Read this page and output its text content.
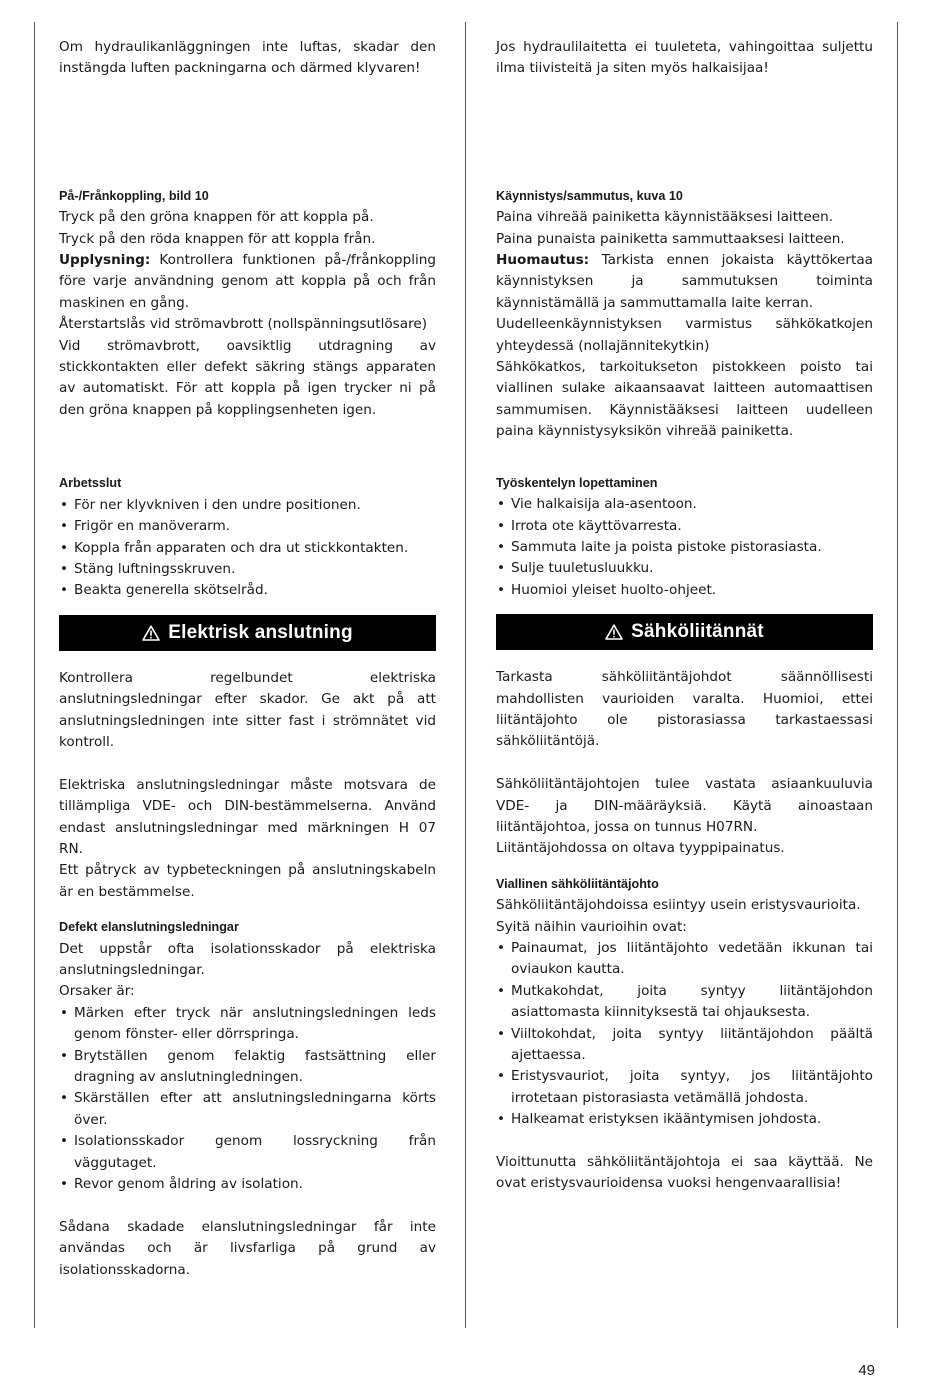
Om hydraulikanläggningen inte luftas, skadar den instängda luften packningarna och därmed klyvaren!

På-/Frånkoppling, bild 10

Tryck på den gröna knappen för att koppla på.

Tryck på den röda knappen för att koppla från.

Upplysning: Kontrollera funktionen på-/frånkoppling före varje användning genom att koppla på och från maskinen en gång.

Återstartslås vid strömavbrott (nollspänningsutlösare)

Vid strömavbrott, oavsiktlig utdragning av stickkontakten eller defekt säkring stängs apparaten av automatiskt. För att koppla på igen trycker ni på den gröna knappen på kopplingsenheten igen.

Arbetsslut

• För ner klyvkniven i den undre positionen.
• Frigör en manöverarm.
• Koppla från apparaten och dra ut stickkontakten.
• Stäng luftningsskruven.
• Beakta generella skötselråd.
Elektrisk anslutning

Kontrollera regelbundet elektriska anslutningsledningar efter skador. Ge akt på att anslutningsledningen inte sitter fast i strömnätet vid kontroll.

Elektriska anslutningsledningar måste motsvara de tillämpliga VDE- och DIN-bestämmelserna. Använd endast anslutningsledningar med märkningen H 07 RN.

Ett påtryck av typbeteckningen på anslutningskabeln är en bestämmelse.

Defekt elanslutningsledningar

Det uppstår ofta isolationsskador på elektriska anslutningsledningar.

Orsaker är:

• Märken efter tryck när anslutningsledningen leds genom fönster- eller dörrspringa.
• Brytställen genom felaktig fastsättning eller dragning av anslutningledningen.
• Skärställen efter att anslutningsledningarna körts över.
• Isolationsskador genom lossryckning från väggutaget.
• Revor genom åldring av isolation.

Sådana skadade elanslutningsledningar får inte användas och är livsfarliga på grund av isolationsskadorna.

Jos hydraulilaitetta ei tuuleteta, vahingoittaa suljettu ilma tiivisteitä ja siten myös halkaisijaa!

Käynnistys/sammutus, kuva 10

Paina vihreää painiketta käynnistääksesi laitteen.

Paina punaista painiketta sammuttaaksesi laitteen.

Huomautus: Tarkista ennen jokaista käyttökertaa käynnistyksen ja sammutuksen toiminta käynnistämällä ja sammuttamalla laite kerran.

Uudelleenkäynnistyksen varmistus sähkökatkojen yhteydessä (nollajännitekytkin)

Sähkökatkos, tarkoitukseton pistokkeen poisto tai viallinen sulake aikaansaavat laitteen automaattisen sammumisen. Käynnistääksesi laitteen uudelleen paina käynnistysyksikön vihreää painiketta.

Työskentelyn lopettaminen

• Vie halkaisija ala-asentoon.
• Irrota ote käyttövarresta.
• Sammuta laite ja poista pistoke pistorasiasta.
• Sulje tuuletusluukku.
• Huomioi yleiset huolto-ohjeet.
Sähköliitännät

Tarkasta sähköliitäntäjohdot säännöllisesti mahdollisten vaurioiden varalta. Huomioi, ettei liitäntäjohto ole pistorasiassa tarkastaessasi sähköliitäntöjä.

Sähköliitäntäjohtojen tulee vastata asiaankuuluvia VDE- ja DIN-määräyksiä. Käytä ainoastaan liitäntäjohtoa, jossa on tunnus H07RN.

Liitäntäjohdossa on oltava tyyppipainatus.

Viallinen sähköliitäntäjohto

Sähköliitäntäjohdoissa esiintyy usein eristysvaurioita.

Syitä näihin vaurioihin ovat:

• Painaumat, jos liitäntäjohto vedetään ikkunan tai oviaukon kautta.
• Mutkakohdat, joita syntyy liitäntäjohdon asiattomasta kiinnityksestä tai ohjauksesta.
• Viiltokohdat, joita syntyy liitäntäjohdon päältä ajettaessa.
• Eristysvauriot, joita syntyy, jos liitäntäjohto irrotetaan pistorasiasta vetämällä johdosta.
• Halkeamat eristyksen ikääntymisen johdosta.

Vioittunutta sähköliitäntäjohtoja ei saa käyttää. Ne ovat eristysvaurioidensa vuoksi hengenvaarallisia!

49
